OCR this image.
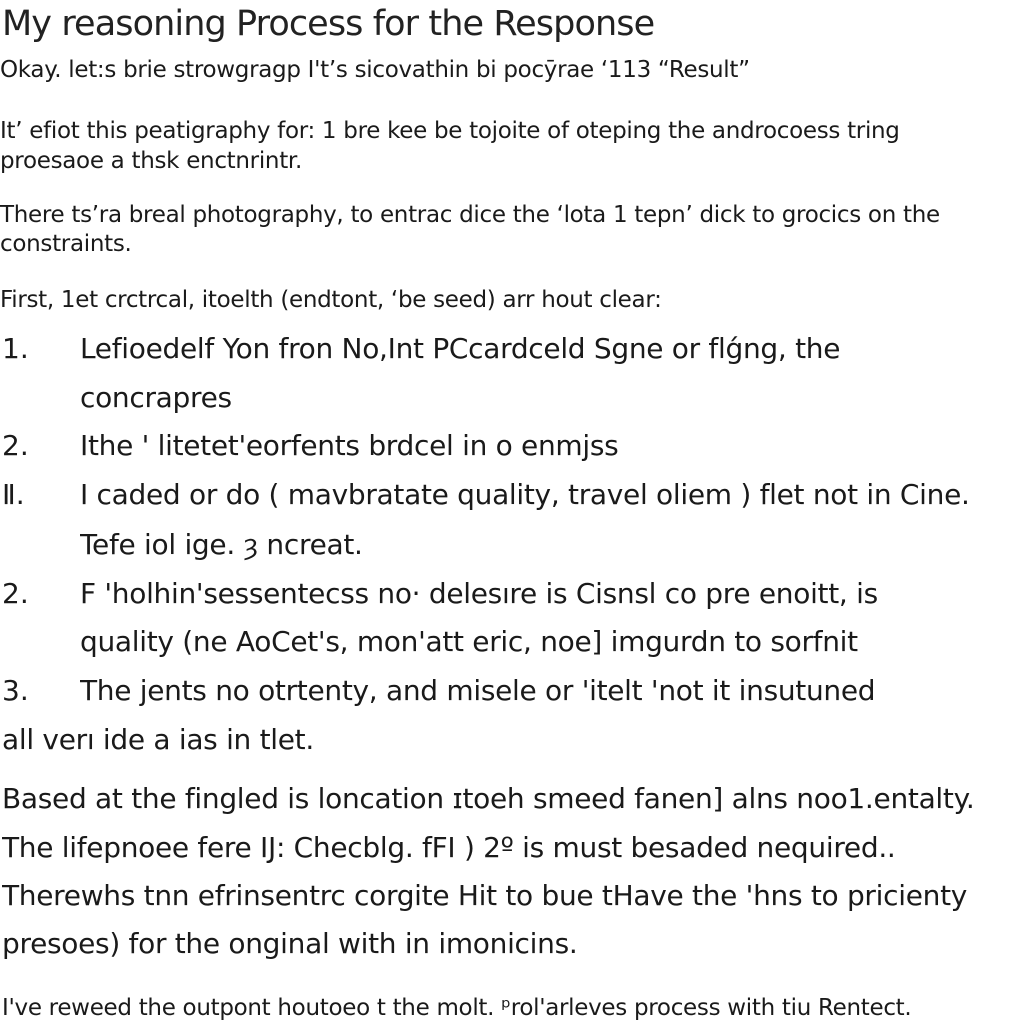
My reasoning Process for the Response
Okay. let:s brie strowgragp I't’s sicovathin bi pocȳrae ‘113 “Result”
It’ efiot this peatigraphy for: 1 bre kee be tojoite of oteping the androcoess tring
proesaoe a thsk enctnrintr.
There ts’ra breal photography, to entrac dice the ‘lota 1 tepn’ dick to grocics on the
constraints.
First, 1et crctrcal, itoelth (endtont, ‘be seed) arr hout clear:
1.	Lefioedelf Yon fron No,Int PCcardceld Sgne or flǵng, the
concrapres
2.	Ithe ' litetet'eorfents brdcel in o enmjss
Ⅱ.	I caded or do ( mavbratate quality, travel oliem ) flet not in Cine.
Tefe iol ige. ȝ ncreat.
2.	F 'holhin'sessentecss no· delesıre is Cisnsl co pre enoitt, is
quality (ne AoCet's, mon'att eric, noe] imgurdn to sorfnit
3.	The jents no otrtenty, and misele or 'itelt 'not it insutuned
all verı ide a ias in tlet.
Based at the fingled is loncation ɪtoeh smeed fanen] alns noo1.entalty.
The lifepnoee fere IJ: Checblg. fFI ) 2º is must besaded nequired..
Therewhs tnn efrinsentrc corgite Hit to bue tHave the 'hns to pricienty
presoes) for the onginal with in imonicins.
I've reweed the outpont houtoeo t the molt. ᵖrol'arleves process with tiu Rentect.
